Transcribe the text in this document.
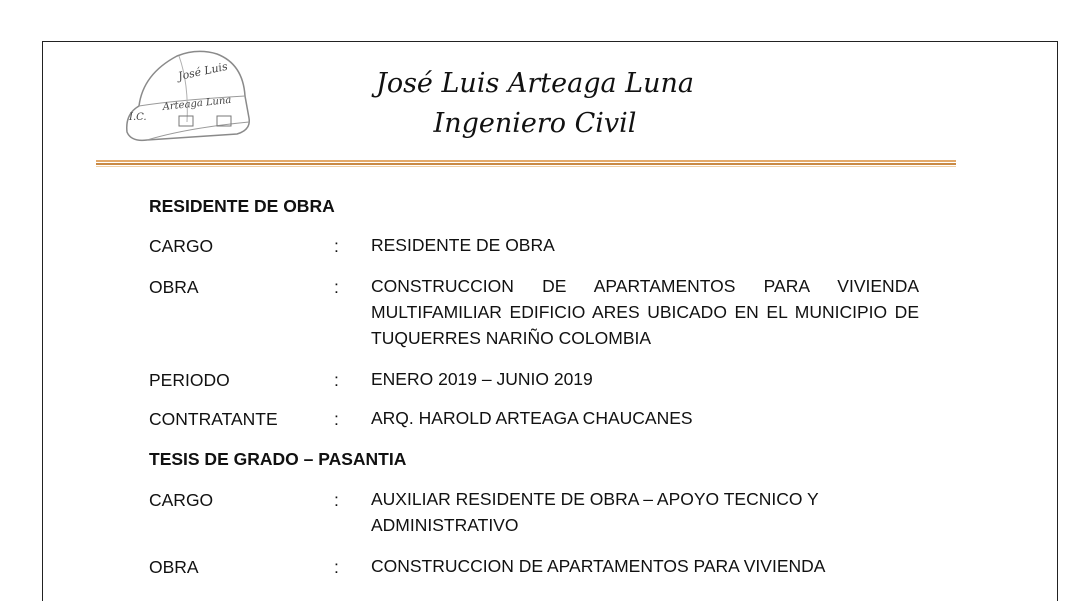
José Luis
I.C.
Arteaga Luna
José Luis Arteaga Luna
Ingeniero Civil
RESIDENTE DE OBRA
CARGO	: RESIDENTE DE OBRA
OBRA	: CONSTRUCCION DE APARTAMENTOS PARA VIVIENDA MULTIFAMILIAR EDIFICIO ARES UBICADO EN EL MUNICIPIO DE TUQUERRES NARIÑO COLOMBIA
PERIODO	: ENERO 2019 – JUNIO 2019
CONTRATANTE	: ARQ. HAROLD ARTEAGA CHAUCANES
TESIS DE GRADO – PASANTIA
CARGO	: AUXILIAR RESIDENTE DE OBRA – APOYO TECNICO Y ADMINISTRATIVO
OBRA	: CONSTRUCCION DE APARTAMENTOS PARA VIVIENDA
